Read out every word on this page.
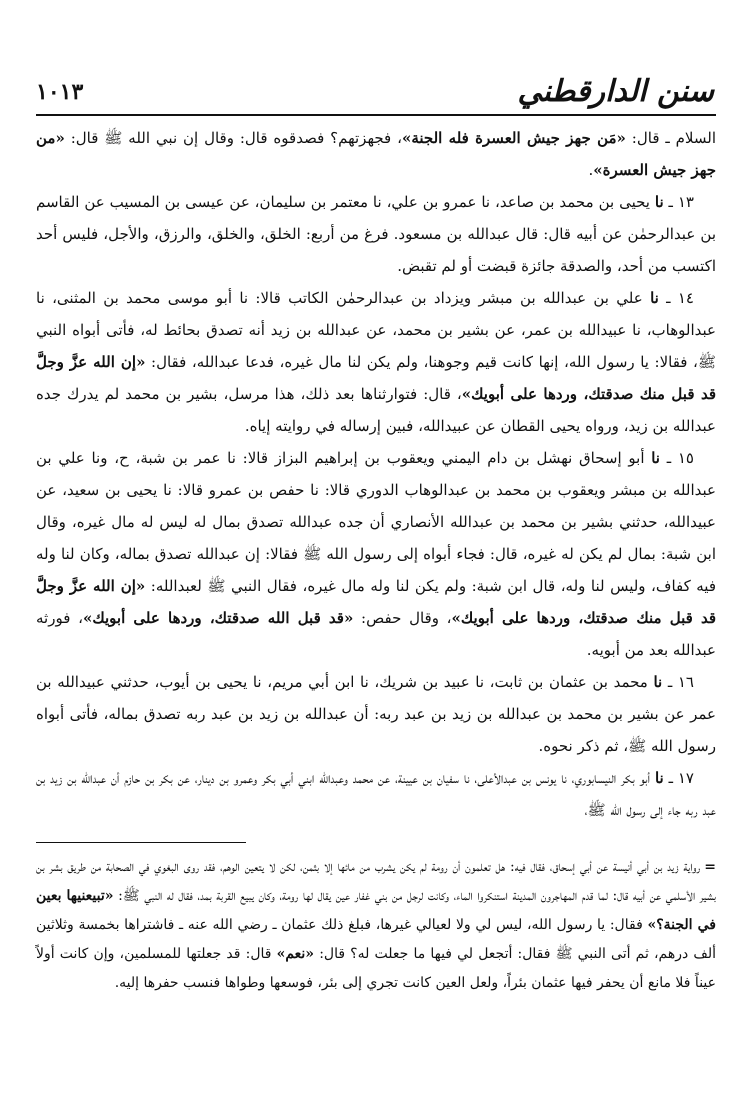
سنن الدارقطني
١٠١٣

السلام ـ قال: «مَن جهز جيش العسرة فله الجنة»، فجهزتهم؟ فصدقوه قال: وقال إن نبي الله ﷺ قال: «من جهز جيش العسرة».

١٣ ـ نا يحيى بن محمد بن صاعد، نا عمرو بن علي، نا معتمر بن سليمان، عن عيسى بن المسيب عن القاسم بن عبدالرحمٰن عن أبيه قال: قال عبدالله بن مسعود. فرغ من أربع: الخلق، والخلق، والرزق، والأجل، فليس أحد اكتسب من أحد، والصدقة جائزة قبضت أو لم تقبض.

١٤ ـ نا علي بن عبدالله بن مبشر ويزداد بن عبدالرحمٰن الكاتب قالا: نا أبو موسى محمد بن المثنى، نا عبدالوهاب، نا عبيدالله بن عمر، عن بشير بن محمد، عن عبدالله بن زيد أنه تصدق بحائط له، فأتى أبواه النبي ﷺ، فقالا: يا رسول الله، إنها كانت قيم وجوهنا، ولم يكن لنا مال غيره، فدعا عبدالله، فقال: «إن الله عزَّ وجلَّ قد قبل منك صدقتك، وردها على أبويك»، قال: فتوارثناها بعد ذلك، هذا مرسل، بشير بن محمد لم يدرك جده عبدالله بن زيد، ورواه يحيى القطان عن عبيدالله، فبين إرساله في روايته إياه.

١٥ ـ نا أبو إسحاق نهشل بن دام اليمني ويعقوب بن إبراهيم البزاز قالا: نا عمر بن شبة، ح، ونا علي بن عبدالله بن مبشر ويعقوب بن محمد بن عبدالوهاب الدوري قالا: نا حفص بن عمرو قالا: نا يحيى بن سعيد، عن عبيدالله، حدثني بشير بن محمد بن عبدالله الأنصاري أن جده عبدالله تصدق بمال له ليس له مال غيره، وقال ابن شبة: بمال لم يكن له غيره، قال: فجاء أبواه إلى رسول الله ﷺ فقالا: إن عبدالله تصدق بماله، وكان لنا وله فيه كفاف، وليس لنا وله، قال ابن شبة: ولم يكن لنا وله مال غيره، فقال النبي ﷺ لعبدالله: «إن الله عزَّ وجلَّ قد قبل منك صدقتك، وردها على أبويك»، وقال حفص: «قد قبل الله صدقتك، وردها على أبويك»، فورثه عبدالله بعد من أبويه.

١٦ ـ نا محمد بن عثمان بن ثابت، نا عبيد بن شريك، نا ابن أبي مريم، نا يحيى بن أيوب، حدثني عبيدالله بن عمر عن بشير بن محمد بن عبدالله بن زيد بن عبد ربه: أن عبدالله بن زيد بن عبد ربه تصدق بماله، فأتى أبواه رسول الله ﷺ، ثم ذكر نحوه.

١٧ ـ نا أبو بكر النيسابوري، نا يونس بن عبدالأعلى، نا سفيان بن عيينة، عن محمد وعبدالله ابني أبي بكر وعمرو بن دينار، عن بكر بن حازم أن عبدالله بن زيد بن عبد ربه جاء إلى رسول الله ﷺ،

=رواية زيد بن أبي أنيسة عن أبي إسحاق، فقال فيه: هل تعلمون أن رومة لم يكن يشرب من مائها إلا بثمن، لكن لا يتعين الوهم، فقد روى البغوي في الصحابة من طريق بشر بن بشير الأسلمي عن أبيه قال: لما قدم المهاجرون المدينة استنكروا الماء، وكانت لرجل من بني غفار عين يقال لها رومة، وكان يبيع القربة بمد، فقال له النبي ﷺ: «تبيعنيها بعين في الجنة؟» فقال: يا رسول الله، ليس لي ولا لعيالي غيرها، فبلغ ذلك عثمان ـ رضي الله عنه ـ فاشتراها بخمسة وثلاثين ألف درهم، ثم أتى النبي ﷺ فقال: أتجعل لي فيها ما جعلت له؟ قال: «نعم» قال: قد جعلتها للمسلمين، وإن كانت أولاً عيناً فلا مانع أن يحفر فيها عثمان بئراً، ولعل العين كانت تجري إلى بئر، فوسعها وطواها فنسب حفرها إليه.
